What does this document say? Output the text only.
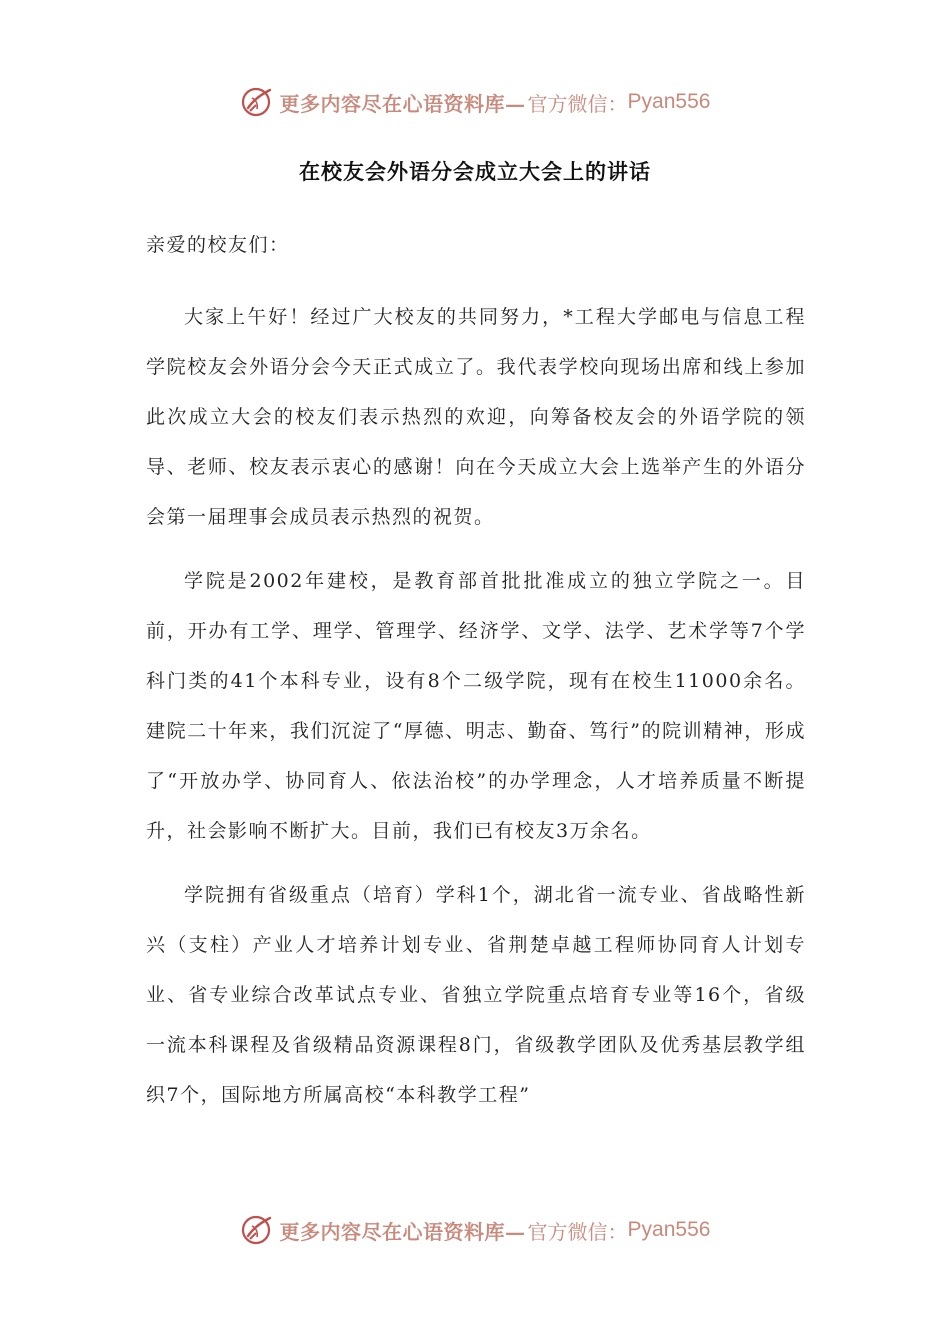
更多内容尽在心语资料库— 官方微信： Pyan556
在校友会外语分会成立大会上的讲话

亲爱的校友们：

大家上午好！经过广大校友的共同努力，*工程大学邮电与信息工程学院校友会外语分会今天正式成立了。我代表学校向现场出席和线上参加此次成立大会的校友们表示热烈的欢迎，向筹备校友会的外语学院的领导、老师、校友表示衷心的感谢！向在今天成立大会上选举产生的外语分会第一届理事会成员表示热烈的祝贺。

学院是2002年建校，是教育部首批批准成立的独立学院之一。目前，开办有工学、理学、管理学、经济学、文学、法学、艺术学等7个学科门类的41个本科专业，设有8个二级学院，现有在校生11000余名。建院二十年来，我们沉淀了“厚德、明志、勤奋、笃行”的院训精神，形成了“开放办学、协同育人、依法治校”的办学理念，人才培养质量不断提升，社会影响不断扩大。目前，我们已有校友3万余名。

学院拥有省级重点（培育）学科1个，湖北省一流专业、省战略性新兴（支柱）产业人才培养计划专业、省荆楚卓越工程师协同育人计划专业、省专业综合改革试点专业、省独立学院重点培育专业等16个，省级一流本科课程及省级精品资源课程8门，省级教学团队及优秀基层教学组织7个，国际地方所属高校“本科教学工程”

更多内容尽在心语资料库— 官方微信： Pyan556
